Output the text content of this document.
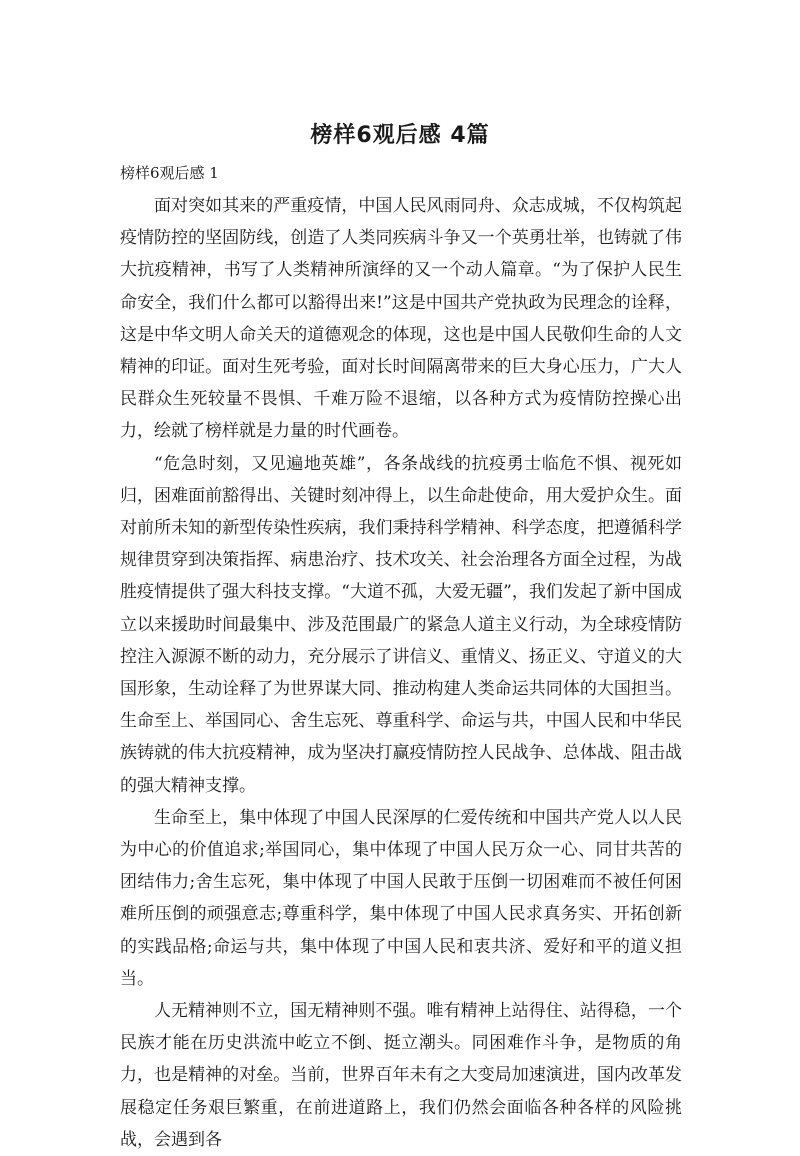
榜样6观后感 4篇
榜样6观后感 1

面对突如其来的严重疫情，中国人民风雨同舟、众志成城，不仅构筑起疫情防控的坚固防线，创造了人类同疾病斗争又一个英勇壮举，也铸就了伟大抗疫精神，书写了人类精神所演绎的又一个动人篇章。“为了保护人民生命安全，我们什么都可以豁得出来!”这是中国共产党执政为民理念的诠释，这是中华文明人命关天的道德观念的体现，这也是中国人民敬仰生命的人文精神的印证。面对生死考验，面对长时间隔离带来的巨大身心压力，广大人民群众生死较量不畏惧、千难万险不退缩，以各种方式为疫情防控操心出力，绘就了榜样就是力量的时代画卷。

“危急时刻，又见遍地英雄”，各条战线的抗疫勇士临危不惧、视死如归，困难面前豁得出、关键时刻冲得上，以生命赴使命，用大爱护众生。面对前所未知的新型传染性疾病，我们秉持科学精神、科学态度，把遵循科学规律贯穿到决策指挥、病患治疗、技术攻关、社会治理各方面全过程，为战胜疫情提供了强大科技支撑。“大道不孤，大爱无疆”，我们发起了新中国成立以来援助时间最集中、涉及范围最广的紧急人道主义行动，为全球疫情防控注入源源不断的动力，充分展示了讲信义、重情义、扬正义、守道义的大国形象，生动诠释了为世界谋大同、推动构建人类命运共同体的大国担当。生命至上、举国同心、舍生忘死、尊重科学、命运与共，中国人民和中华民族铸就的伟大抗疫精神，成为坚决打赢疫情防控人民战争、总体战、阻击战的强大精神支撑。

生命至上，集中体现了中国人民深厚的仁爱传统和中国共产党人以人民为中心的价值追求;举国同心，集中体现了中国人民万众一心、同甘共苦的团结伟力;舍生忘死，集中体现了中国人民敢于压倒一切困难而不被任何困难所压倒的顽强意志;尊重科学，集中体现了中国人民求真务实、开拓创新的实践品格;命运与共，集中体现了中国人民和衷共济、爱好和平的道义担当。

人无精神则不立，国无精神则不强。唯有精神上站得住、站得稳，一个民族才能在历史洪流中屹立不倒、挺立潮头。同困难作斗争，是物质的角力，也是精神的对垒。当前，世界百年未有之大变局加速演进，国内改革发展稳定任务艰巨繁重，在前进道路上，我们仍然会面临各种各样的风险挑战，会遇到各
